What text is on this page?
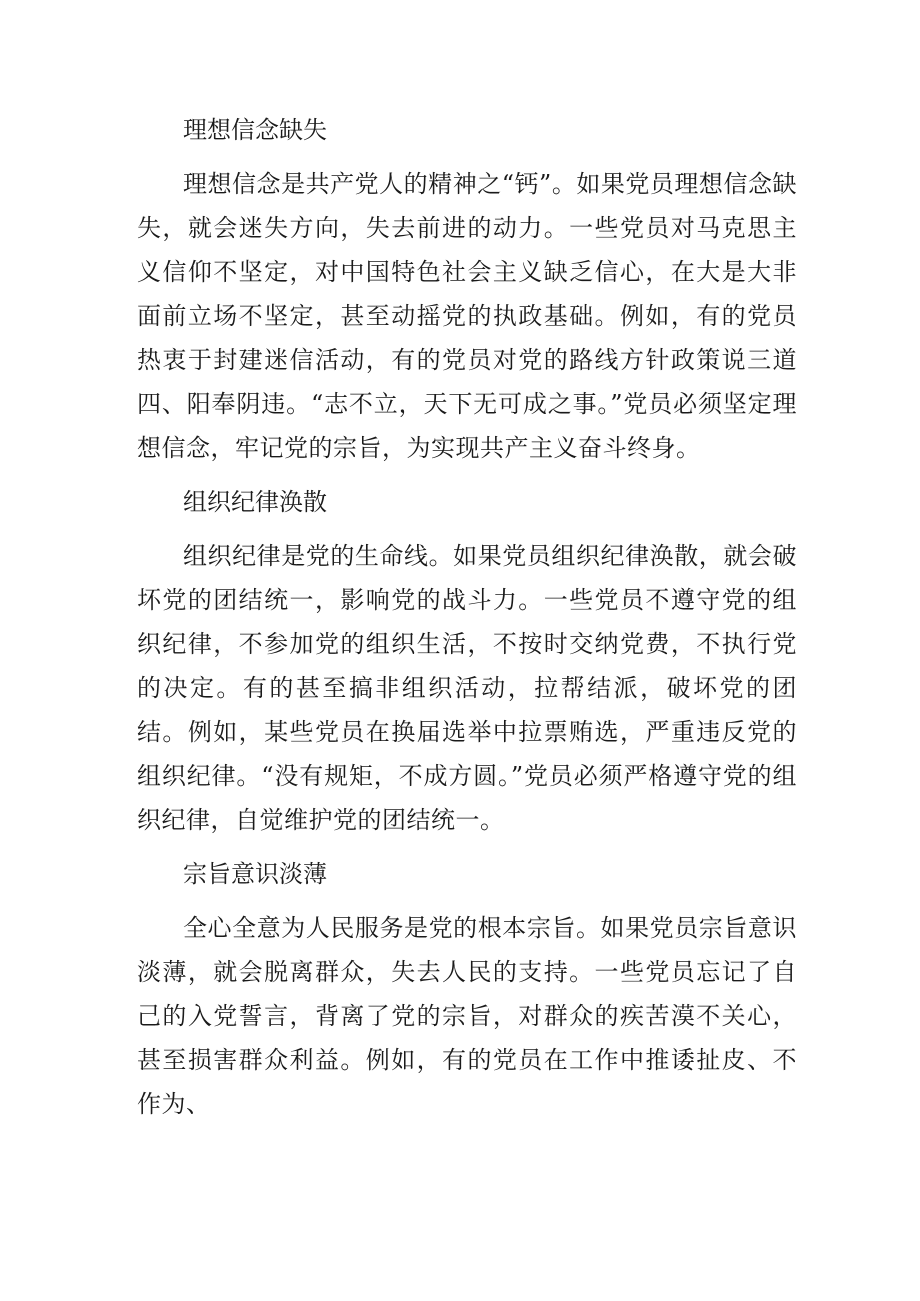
理想信念缺失

理想信念是共产党人的精神之“钙”。如果党员理想信念缺失，就会迷失方向，失去前进的动力。一些党员对马克思主义信仰不坚定，对中国特色社会主义缺乏信心，在大是大非面前立场不坚定，甚至动摇党的执政基础。例如，有的党员热衷于封建迷信活动，有的党员对党的路线方针政策说三道四、阳奉阴违。“志不立，天下无可成之事。”党员必须坚定理想信念，牢记党的宗旨，为实现共产主义奋斗终身。

组织纪律涣散

组织纪律是党的生命线。如果党员组织纪律涣散，就会破坏党的团结统一，影响党的战斗力。一些党员不遵守党的组织纪律，不参加党的组织生活，不按时交纳党费，不执行党的决定。有的甚至搞非组织活动，拉帮结派，破坏党的团结。例如，某些党员在换届选举中拉票贿选，严重违反党的组织纪律。“没有规矩，不成方圆。”党员必须严格遵守党的组织纪律，自觉维护党的团结统一。

宗旨意识淡薄

全心全意为人民服务是党的根本宗旨。如果党员宗旨意识淡薄，就会脱离群众，失去人民的支持。一些党员忘记了自己的入党誓言，背离了党的宗旨，对群众的疾苦漠不关心，甚至损害群众利益。例如，有的党员在工作中推诿扯皮、不作为、
